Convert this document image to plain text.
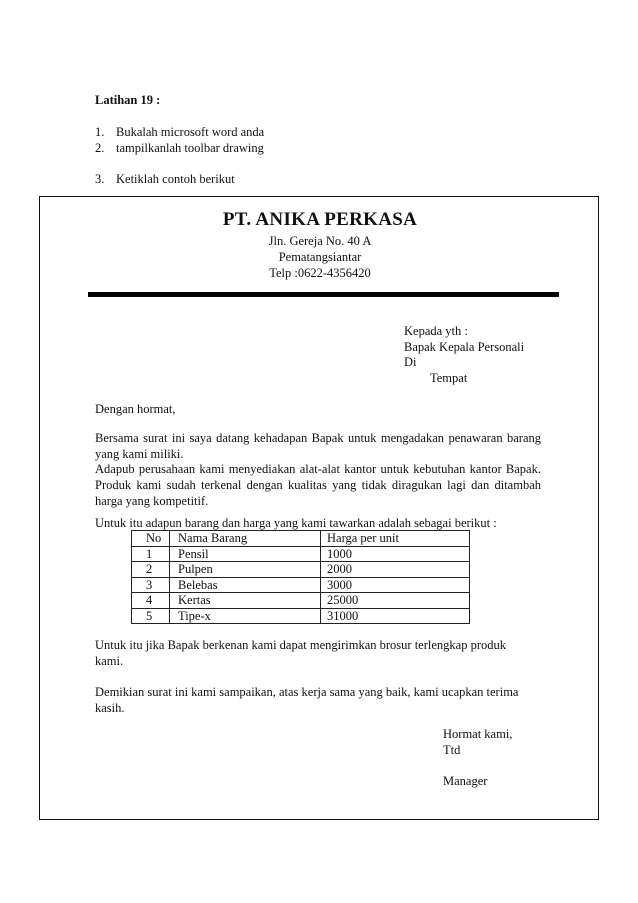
Latihan 19 :
1. Bukalah microsoft word anda
2. tampilkanlah toolbar drawing
3. Ketiklah contoh berikut
PT. ANIKA PERKASA
Jln. Gereja No. 40 A
Pematangsiantar
Telp :0622-4356420
Kepada yth :
Bapak Kepala Personali
Di
Tempat
Dengan hormat,
Bersama surat ini saya datang kehadapan Bapak untuk mengadakan penawaran barang yang kami miliki.
Adapub perusahaan kami menyediakan alat-alat kantor untuk kebutuhan kantor Bapak. Produk kami sudah terkenal dengan kualitas yang tidak diragukan lagi dan ditambah harga yang kompetitif.
Untuk itu adapun barang dan harga yang kami tawarkan adalah sebagai berikut :
No	Nama Barang	Harga per unit
1	Pensil	1000
2	Pulpen	2000
3	Belebas	3000
4	Kertas	25000
5	Tipe-x	31000
Untuk itu jika Bapak berkenan kami dapat mengirimkan brosur terlengkap produk kami.
Demikian surat ini kami sampaikan, atas kerja sama yang baik, kami ucapkan terima kasih.
Hormat kami,
Ttd
Manager
